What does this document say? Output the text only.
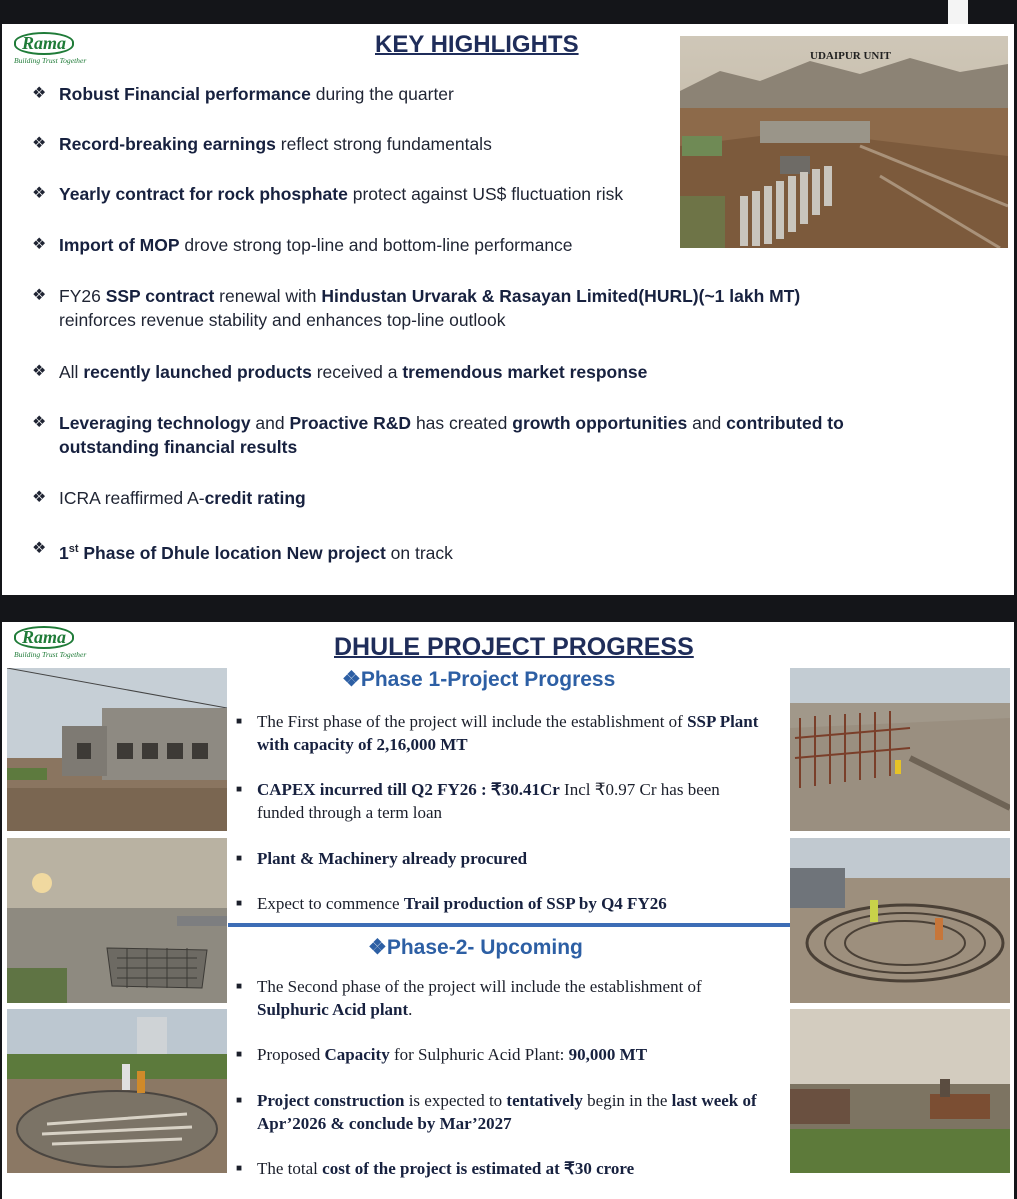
Rama
Building Trust Together
KEY HIGHLIGHTS	UDAIPUR UNIT
❖ Robust Financial performance during the quarter
❖ Record-breaking earnings reflect strong fundamentals
❖ Yearly contract for rock phosphate protect against US$ fluctuation risk
❖ Import of MOP drove strong top-line and bottom-line performance
❖ FY26 SSP contract renewal with Hindustan Urvarak & Rasayan Limited(HURL)(~1 lakh MT) reinforces revenue stability and enhances top-line outlook
❖ All recently launched products received a tremendous market response
❖ Leveraging technology and Proactive R&D has created growth opportunities and contributed to outstanding financial results
❖ ICRA reaffirmed A-credit rating
❖ 1st Phase of Dhule location New project on track
Rama
Building Trust Together	DHULE PROJECT PROGRESS
❖Phase 1-Project Progress
❖Phase-2- Upcoming
■ The First phase of the project will include the establishment of SSP Plant with capacity of 2,16,000 MT
■ CAPEX incurred till Q2 FY26 : ₹30.41Cr Incl ₹0.97 Cr has been funded through a term loan
■ Plant & Machinery already procured
■ Expect to commence Trail production of SSP by Q4 FY26
■ The Second phase of the project will include the establishment of Sulphuric Acid plant.
■ Proposed Capacity for Sulphuric Acid Plant: 90,000 MT
■ Project construction is expected to tentatively begin in the last week of Apr’2026 & conclude by Mar’2027
■ The total cost of the project is estimated at ₹30 crore
